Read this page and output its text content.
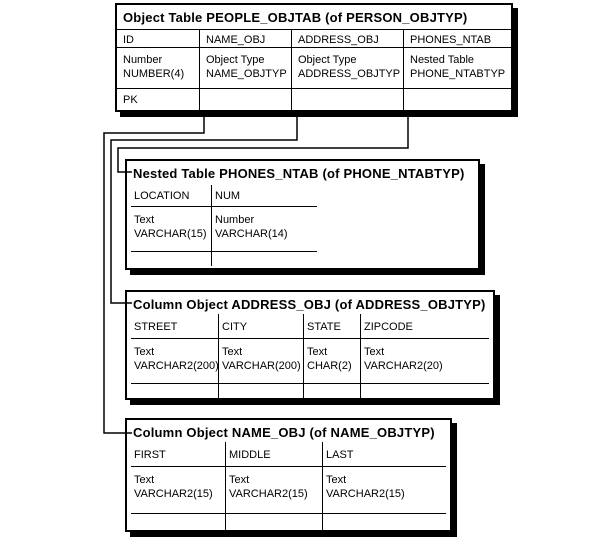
Object Table PEOPLE_OBJTAB (of PERSON_OBJTYP)
ID
Number
NUMBER(4)
PK
NAME_OBJ
Object Type
NAME_OBJTYP
ADDRESS_OBJ
Object Type
ADDRESS_OBJTYP
PHONES_NTAB
Nested Table
PHONE_NTABTYP
Nested Table PHONES_NTAB (of PHONE_NTABTYP)
LOCATION
Text
VARCHAR(15)
NUM
Number
VARCHAR(14)
Column Object ADDRESS_OBJ (of ADDRESS_OBJTYP)
STREET
Text
VARCHAR2(200)
CITY
Text
VARCHAR(200)
STATE
Text
CHAR(2)
ZIPCODE
Text
VARCHAR2(20)
Column Object NAME_OBJ (of NAME_OBJTYP)
FIRST
Text
VARCHAR2(15)
MIDDLE
Text
VARCHAR2(15)
LAST
Text
VARCHAR2(15)
